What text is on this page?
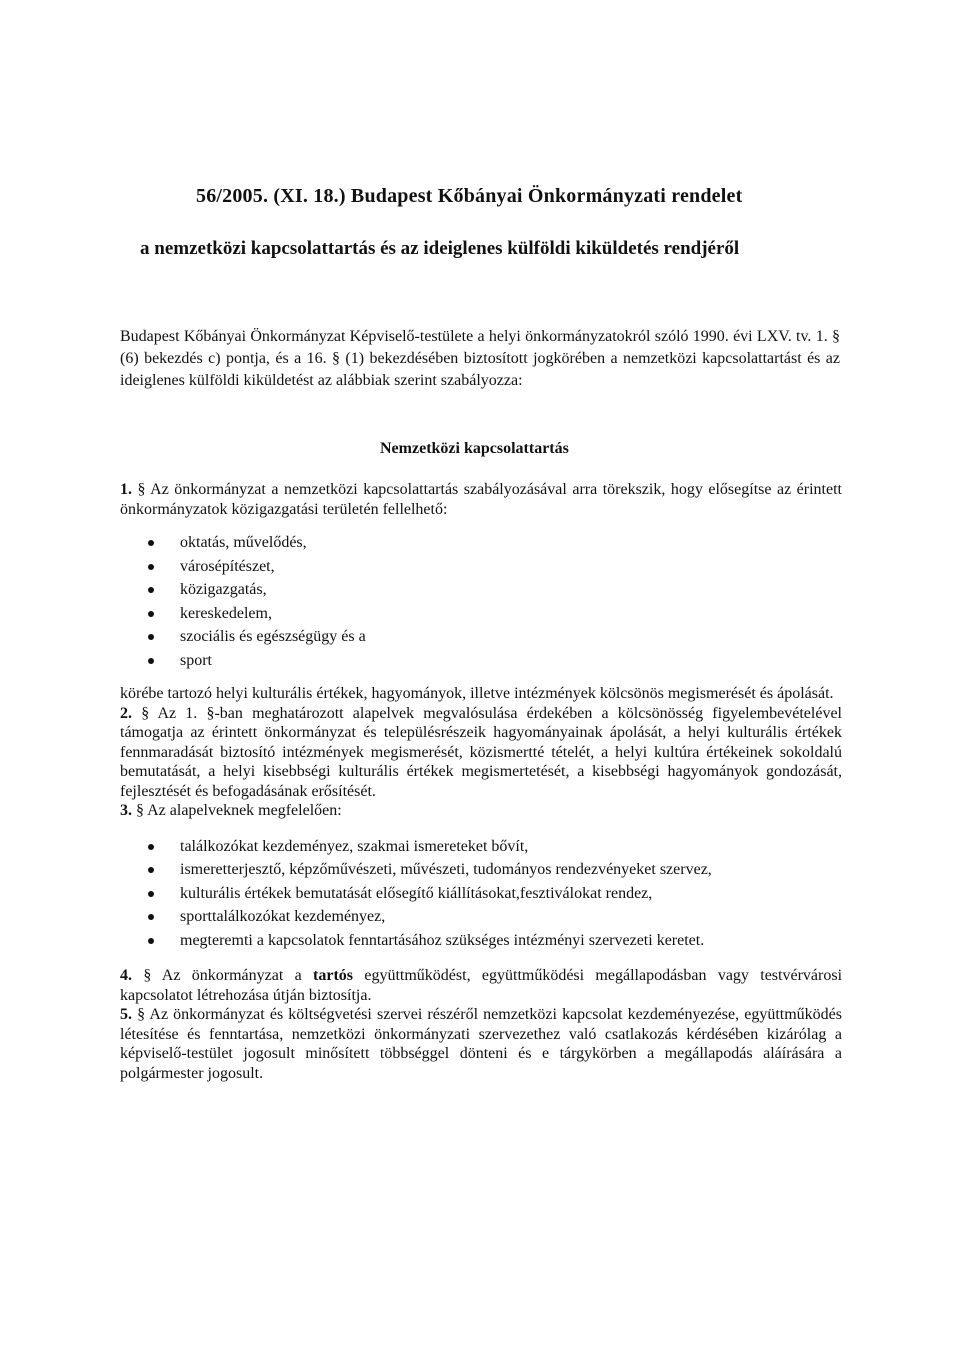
56/2005. (XI. 18.) Budapest Kőbányai Önkormányzati rendelet
a nemzetközi kapcsolattartás és az ideiglenes külföldi kiküldetés rendjéről
Budapest Kőbányai Önkormányzat Képviselő-testülete a helyi önkormányzatokról szóló 1990. évi LXV. tv. 1. § (6) bekezdés c) pontja, és a 16. § (1) bekezdésében biztosított jogkörében a nemzetközi kapcsolattartást és az ideiglenes külföldi kiküldetést az alábbiak szerint szabályozza:
Nemzetközi kapcsolattartás

1. § Az önkormányzat a nemzetközi kapcsolattartás szabályozásával arra törekszik, hogy elősegítse az érintett önkormányzatok közigazgatási területén fellelhető:

oktatás, művelődés,
városépítészet,
közigazgatás,
kereskedelem,
szociális és egészségügy és a
sport

körébe tartozó helyi kulturális értékek, hagyományok, illetve intézmények kölcsönös megismerését és ápolását.

2. § Az 1. §-ban meghatározott alapelvek megvalósulása érdekében a kölcsönösség figyelembevételével támogatja az érintett önkormányzat és településrészeik hagyományainak ápolását, a helyi kulturális értékek fennmaradását biztosító intézmények megismerését, közismertté tételét, a helyi kultúra értékeinek sokoldalú bemutatását, a helyi kisebbségi kulturális értékek megismertetését, a kisebbségi hagyományok gondozását, fejlesztését és befogadásának erősítését.

3. § Az alapelveknek megfelelően:

találkozókat kezdeményez, szakmai ismereteket bővít,
ismeretterjesztő, képzőművészeti, művészeti, tudományos rendezvényeket szervez,
kulturális értékek bemutatását elősegítő kiállításokat,fesztiválokat rendez,
sporttalálkozókat kezdeményez,
megteremti a kapcsolatok fenntartásához szükséges intézményi szervezeti keretet.

4. § Az önkormányzat a tartós együttműködést, együttműködési megállapodásban vagy testvérvárosi kapcsolatot létrehozása útján biztosítja.

5. § Az önkormányzat és költségvetési szervei részéről nemzetközi kapcsolat kezdeményezése, együttműködés létesítése és fenntartása, nemzetközi önkormányzati szervezethez való csatlakozás kérdésében kizárólag a képviselő-testület jogosult minősített többséggel dönteni és e tárgykörben a megállapodás aláírására a polgármester jogosult.
